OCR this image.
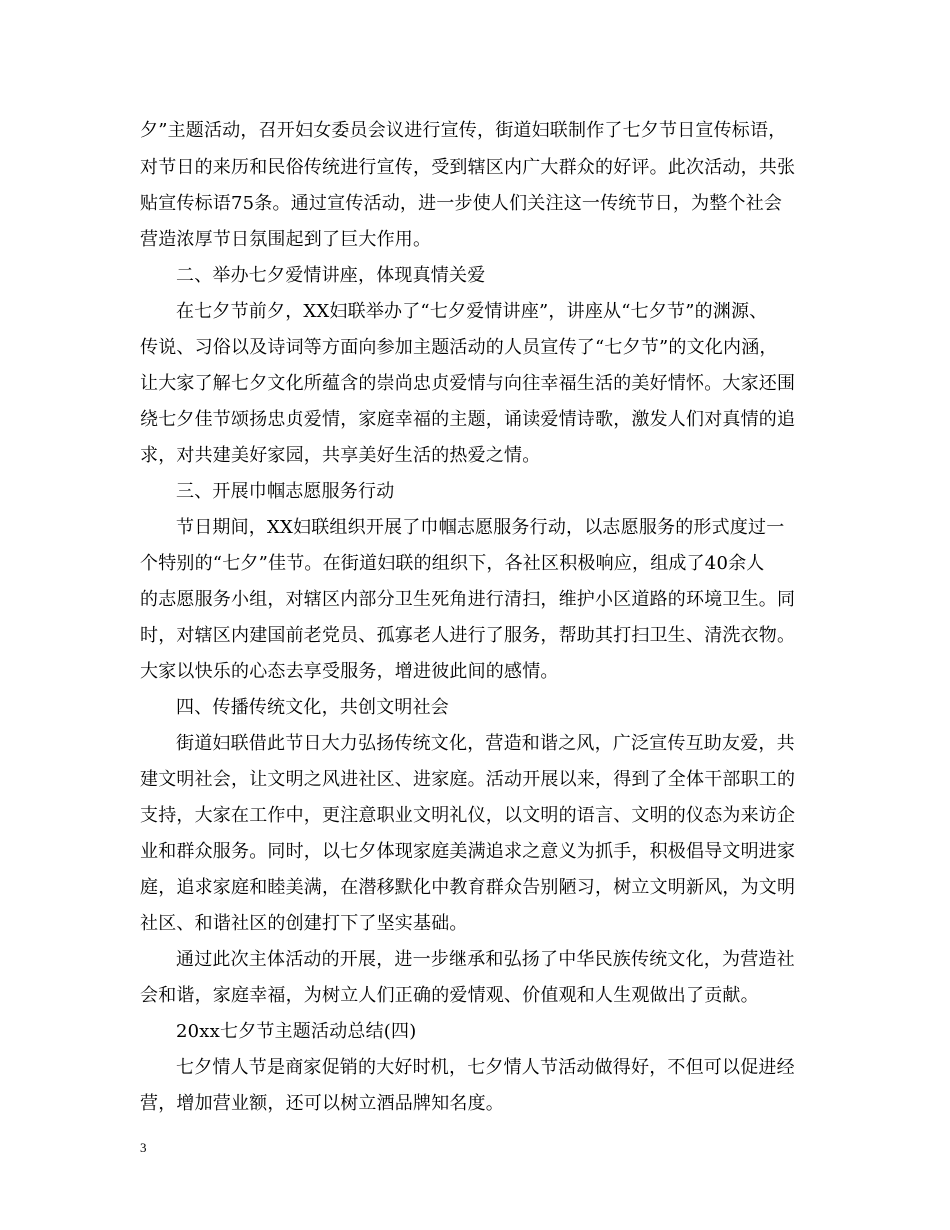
夕”主题活动，召开妇女委员会议进行宣传，街道妇联制作了七夕节日宣传标语，
对节日的来历和民俗传统进行宣传，受到辖区内广大群众的好评。此次活动，共张
贴宣传标语75条。通过宣传活动，进一步使人们关注这一传统节日，为整个社会
营造浓厚节日氛围起到了巨大作用。
二、举办七夕爱情讲座，体现真情关爱
在七夕节前夕，XX妇联举办了“七夕爱情讲座”，讲座从“七夕节”的渊源、
传说、习俗以及诗词等方面向参加主题活动的人员宣传了“七夕节”的文化内涵，
让大家了解七夕文化所蕴含的崇尚忠贞爱情与向往幸福生活的美好情怀。大家还围
绕七夕佳节颂扬忠贞爱情，家庭幸福的主题，诵读爱情诗歌，激发人们对真情的追
求，对共建美好家园，共享美好生活的热爱之情。
三、开展巾帼志愿服务行动
节日期间，XX妇联组织开展了巾帼志愿服务行动，以志愿服务的形式度过一
个特别的“七夕”佳节。在街道妇联的组织下，各社区积极响应，组成了40余人
的志愿服务小组，对辖区内部分卫生死角进行清扫，维护小区道路的环境卫生。同
时，对辖区内建国前老党员、孤寡老人进行了服务，帮助其打扫卫生、清洗衣物。
大家以快乐的心态去享受服务，增进彼此间的感情。
四、传播传统文化，共创文明社会
街道妇联借此节日大力弘扬传统文化，营造和谐之风，广泛宣传互助友爱，共
建文明社会，让文明之风进社区、进家庭。活动开展以来，得到了全体干部职工的
支持，大家在工作中，更注意职业文明礼仪，以文明的语言、文明的仪态为来访企
业和群众服务。同时，以七夕体现家庭美满追求之意义为抓手，积极倡导文明进家
庭，追求家庭和睦美满，在潜移默化中教育群众告别陋习，树立文明新风，为文明
社区、和谐社区的创建打下了坚实基础。
通过此次主体活动的开展，进一步继承和弘扬了中华民族传统文化，为营造社
会和谐，家庭幸福，为树立人们正确的爱情观、价值观和人生观做出了贡献。
20xx七夕节主题活动总结(四)
七夕情人节是商家促销的大好时机，七夕情人节活动做得好，不但可以促进经
营，增加营业额，还可以树立酒品牌知名度。
3
